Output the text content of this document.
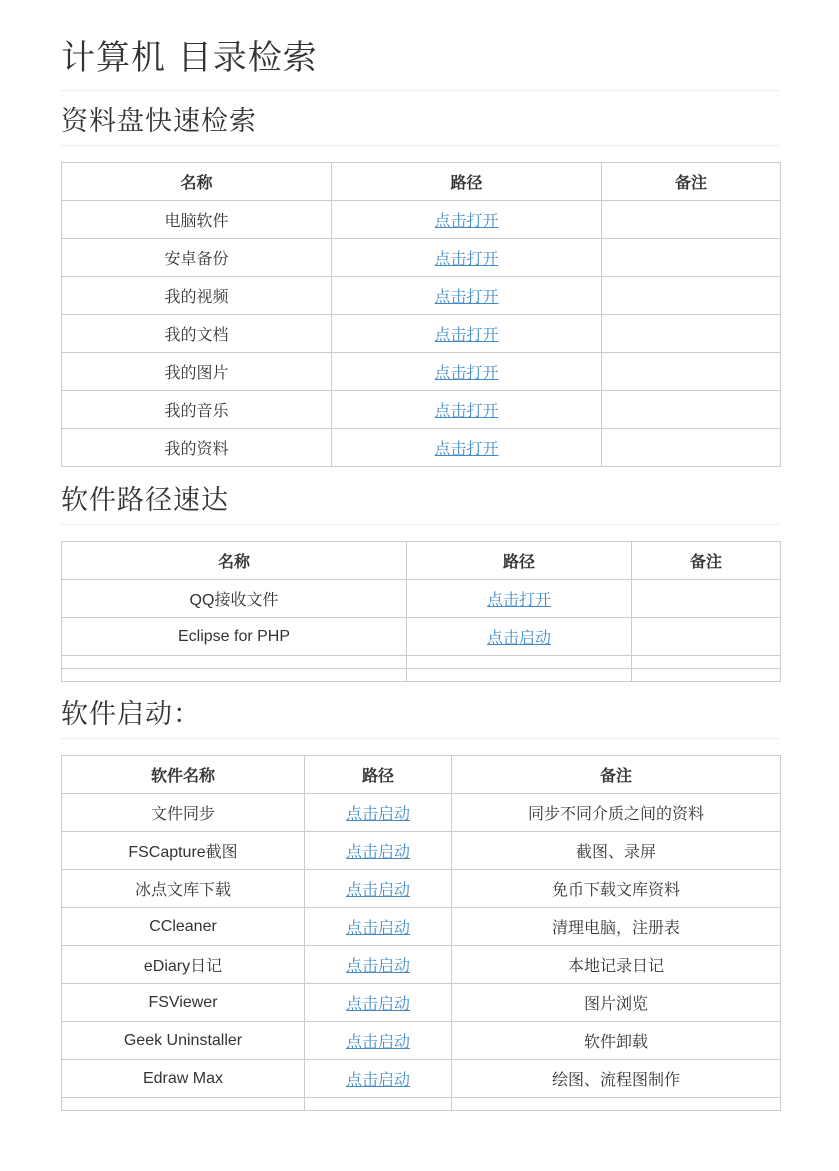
计算机 目录检索
资料盘快速检索
名称	路径	备注
电脑软件	点击打开	
安卓备份	点击打开	
我的视频	点击打开	
我的文档	点击打开	
我的图片	点击打开	
我的音乐	点击打开	
我的资料	点击打开	
软件路径速达
名称	路径	备注
QQ接收文件	点击打开	
Eclipse for PHP	点击启动	

软件启动：
软件名称	路径	备注
文件同步	点击启动	同步不同介质之间的资料
FSCapture截图	点击启动	截图、录屏
冰点文库下载	点击启动	免币下载文库资料
CCleaner	点击启动	清理电脑，注册表
eDiary日记	点击启动	本地记录日记
FSViewer	点击启动	图片浏览
Geek Uninstaller	点击启动	软件卸载
Edraw Max	点击启动	绘图、流程图制作
